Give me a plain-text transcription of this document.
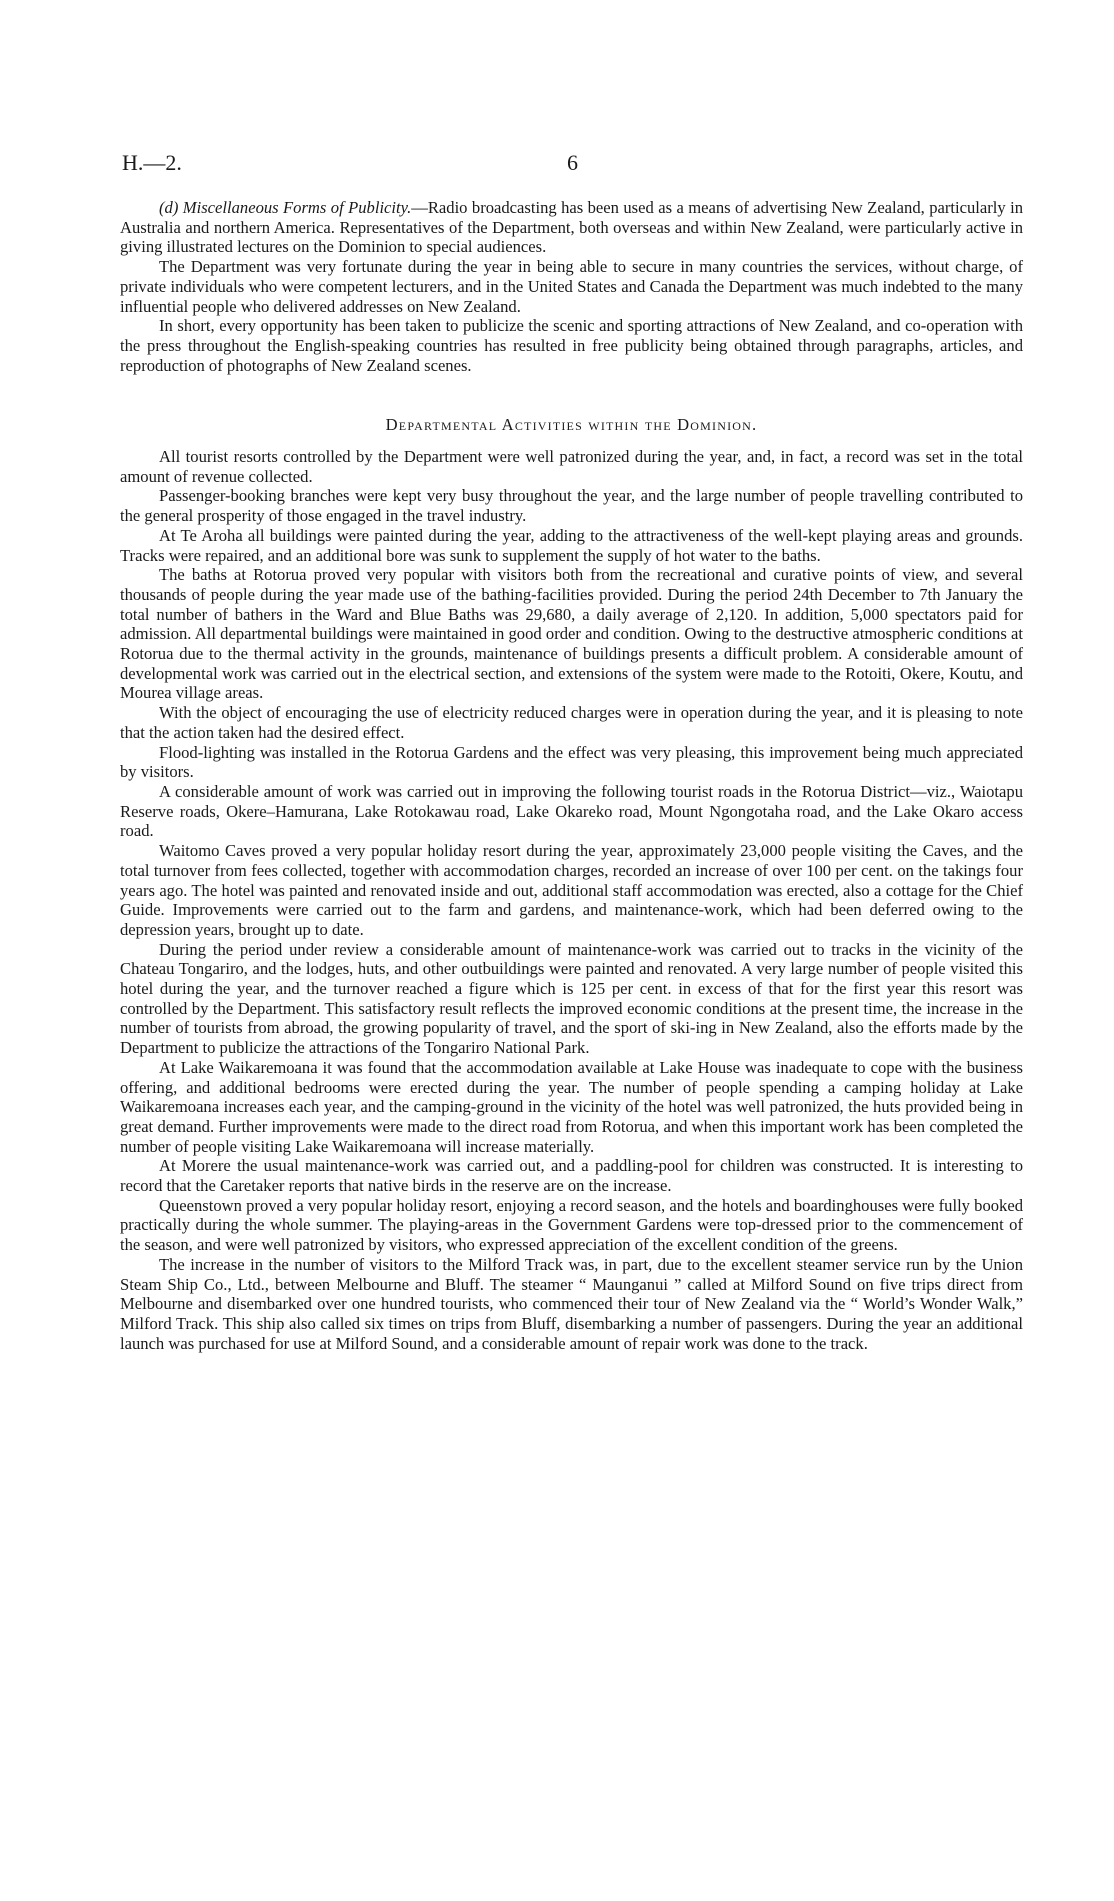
H.—2.	6

(d) Miscellaneous Forms of Publicity.—Radio broadcasting has been used as a means of advertising New Zealand, particularly in Australia and northern America. Representatives of the Department, both overseas and within New Zealand, were particularly active in giving illustrated lectures on the Dominion to special audiences.

The Department was very fortunate during the year in being able to secure in many countries the services, without charge, of private individuals who were competent lecturers, and in the United States and Canada the Department was much indebted to the many influential people who delivered addresses on New Zealand.

In short, every opportunity has been taken to publicize the scenic and sporting attractions of New Zealand, and co-operation with the press throughout the English-speaking countries has resulted in free publicity being obtained through paragraphs, articles, and reproduction of photographs of New Zealand scenes.

Departmental Activities within the Dominion.

All tourist resorts controlled by the Department were well patronized during the year, and, in fact, a record was set in the total amount of revenue collected.

Passenger-booking branches were kept very busy throughout the year, and the large number of people travelling contributed to the general prosperity of those engaged in the travel industry.

At Te Aroha all buildings were painted during the year, adding to the attractiveness of the well-kept playing areas and grounds. Tracks were repaired, and an additional bore was sunk to supplement the supply of hot water to the baths.

The baths at Rotorua proved very popular with visitors both from the recreational and curative points of view, and several thousands of people during the year made use of the bathing-facilities provided. During the period 24th December to 7th January the total number of bathers in the Ward and Blue Baths was 29,680, a daily average of 2,120. In addition, 5,000 spectators paid for admission. All departmental buildings were maintained in good order and condition. Owing to the destructive atmospheric conditions at Rotorua due to the thermal activity in the grounds, maintenance of buildings presents a difficult problem. A considerable amount of developmental work was carried out in the electrical section, and extensions of the system were made to the Rotoiti, Okere, Koutu, and Mourea village areas.

With the object of encouraging the use of electricity reduced charges were in operation during the year, and it is pleasing to note that the action taken had the desired effect.

Flood-lighting was installed in the Rotorua Gardens and the effect was very pleasing, this improvement being much appreciated by visitors.

A considerable amount of work was carried out in improving the following tourist roads in the Rotorua District—viz., Waiotapu Reserve roads, Okere–Hamurana, Lake Rotokawau road, Lake Okareko road, Mount Ngongotaha road, and the Lake Okaro access road.

Waitomo Caves proved a very popular holiday resort during the year, approximately 23,000 people visiting the Caves, and the total turnover from fees collected, together with accommodation charges, recorded an increase of over 100 per cent. on the takings four years ago. The hotel was painted and renovated inside and out, additional staff accommodation was erected, also a cottage for the Chief Guide. Improvements were carried out to the farm and gardens, and maintenance-work, which had been deferred owing to the depression years, brought up to date.

During the period under review a considerable amount of maintenance-work was carried out to tracks in the vicinity of the Chateau Tongariro, and the lodges, huts, and other outbuildings were painted and renovated. A very large number of people visited this hotel during the year, and the turnover reached a figure which is 125 per cent. in excess of that for the first year this resort was controlled by the Department. This satisfactory result reflects the improved economic conditions at the present time, the increase in the number of tourists from abroad, the growing popularity of travel, and the sport of ski-ing in New Zealand, also the efforts made by the Department to publicize the attractions of the Tongariro National Park.

At Lake Waikaremoana it was found that the accommodation available at Lake House was inadequate to cope with the business offering, and additional bedrooms were erected during the year. The number of people spending a camping holiday at Lake Waikaremoana increases each year, and the camping-ground in the vicinity of the hotel was well patronized, the huts provided being in great demand. Further improvements were made to the direct road from Rotorua, and when this important work has been completed the number of people visiting Lake Waikaremoana will increase materially.

At Morere the usual maintenance-work was carried out, and a paddling-pool for children was constructed. It is interesting to record that the Caretaker reports that native birds in the reserve are on the increase.

Queenstown proved a very popular holiday resort, enjoying a record season, and the hotels and boardinghouses were fully booked practically during the whole summer. The playing-areas in the Government Gardens were top-dressed prior to the commencement of the season, and were well patronized by visitors, who expressed appreciation of the excellent condition of the greens.

The increase in the number of visitors to the Milford Track was, in part, due to the excellent steamer service run by the Union Steam Ship Co., Ltd., between Melbourne and Bluff. The steamer “ Maunganui ” called at Milford Sound on five trips direct from Melbourne and disembarked over one hundred tourists, who commenced their tour of New Zealand via the “ World’s Wonder Walk,” Milford Track. This ship also called six times on trips from Bluff, disembarking a number of passengers. During the year an additional launch was purchased for use at Milford Sound, and a considerable amount of repair work was done to the track.
